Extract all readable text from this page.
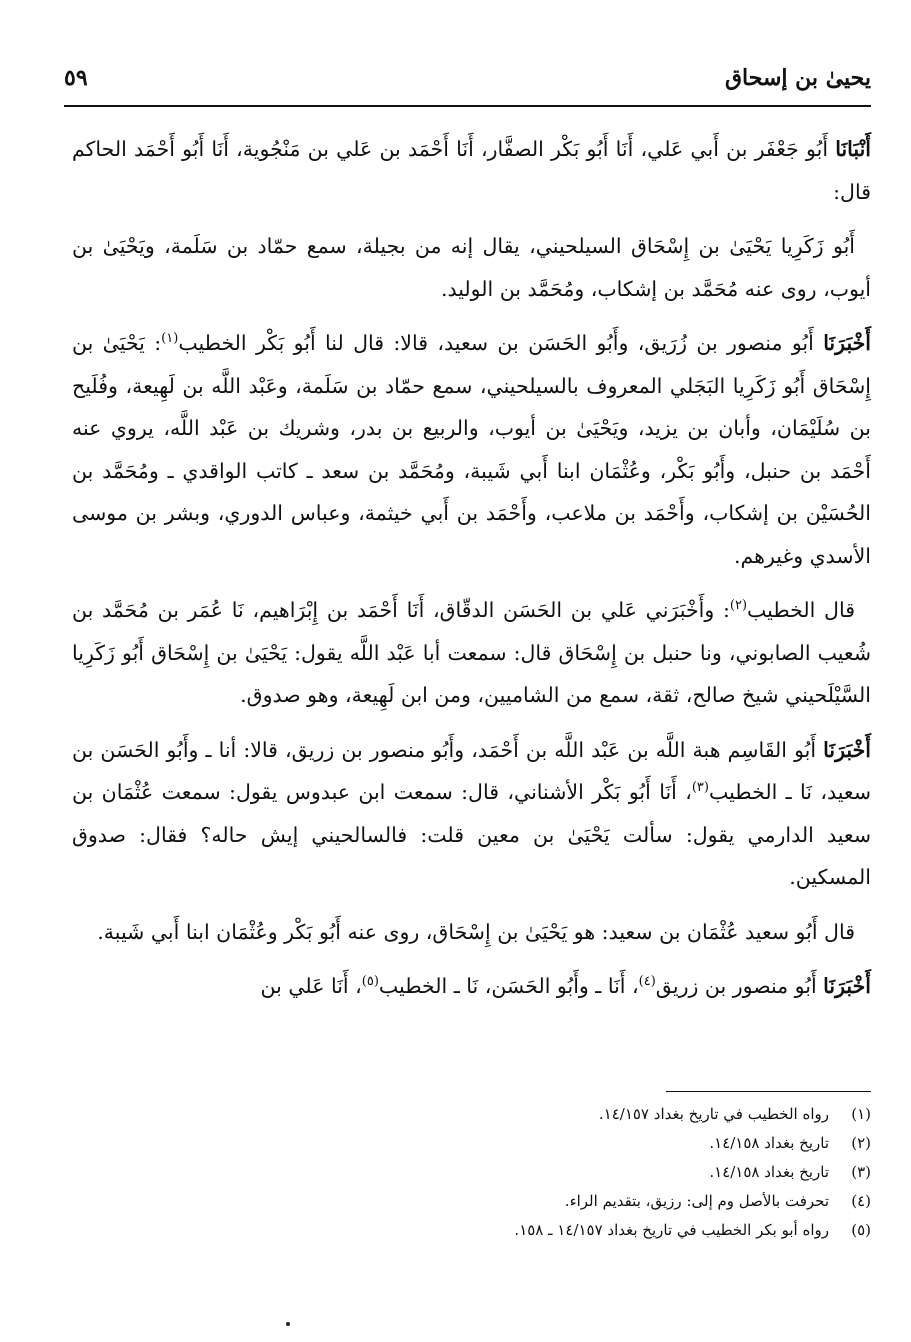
يحيىٰ بن إسحاق
٥٩

أَنْبَانَا أَبُو جَعْفَر بن أَبي عَلي، أَنَا أَبُو بَكْر الصفَّار، أَنَا أَحْمَد بن عَلي بن مَنْجُوية، أَنَا أَبُو أَحْمَد الحاكم قال:

أَبُو زَكَرِيا يَحْيَىٰ بن إِسْحَاق السيلحيني، يقال إنه من بجيلة، سمع حمّاد بن سَلَمة، ويَحْيَىٰ بن أيوب، روى عنه مُحَمَّد بن إشكاب، ومُحَمَّد بن الوليد.

أَخْبَرَنَا أَبُو منصور بن زُرَيق، وأَبُو الحَسَن بن سعيد، قالا: قال لنا أَبُو بَكْر الخطيب$^{(١)}$: يَحْيَىٰ بن إِسْحَاق أَبُو زَكَرِيا البَجَلي المعروف بالسيلحيني، سمع حمّاد بن سَلَمة، وعَبْد اللَّه بن لَهِيعة، وفُلَيح بن سُلَيْمَان، وأبان بن يزيد، ويَحْيَىٰ بن أيوب، والربيع بن بدر، وشريك بن عَبْد اللَّه، يروي عنه أَحْمَد بن حنبل، وأَبُو بَكْر، وعُثْمَان ابنا أَبي شَيبة، ومُحَمَّد بن سعد ـ كاتب الواقدي ـ ومُحَمَّد بن الحُسَيْن بن إشكاب، وأَحْمَد بن ملاعب، وأَحْمَد بن أَبي خيثمة، وعباس الدوري، وبشر بن موسى الأسدي وغيرهم.

قال الخطيب$^{(٢)}$: وأَخْبَرَني عَلي بن الحَسَن الدقّاق، أَنَا أَحْمَد بن إِبْرَاهيم، نَا عُمَر بن مُحَمَّد بن شُعيب الصابوني، ونا حنبل بن إِسْحَاق قال: سمعت أبا عَبْد اللَّه يقول: يَحْيَىٰ بن إِسْحَاق أَبُو زَكَرِيا السَّيْلَحيني شيخ صالح، ثقة، سمع من الشاميين، ومن ابن لَهِيعة، وهو صدوق.

أَخْبَرَنَا أَبُو القَاسِم هبة اللَّه بن عَبْد اللَّه بن أَحْمَد، وأَبُو منصور بن زريق، قالا: أنا ـ وأَبُو الحَسَن بن سعيد، نَا ـ الخطيب$^{(٣)}$، أَنَا أَبُو بَكْر الأشناني، قال: سمعت ابن عبدوس يقول: سمعت عُثْمَان بن سعيد الدارمي يقول: سألت يَحْيَىٰ بن معين قلت: فالسالحيني إيش حاله؟ فقال: صدوق المسكين.

قال أَبُو سعيد عُثْمَان بن سعيد: هو يَحْيَىٰ بن إِسْحَاق، روى عنه أَبُو بَكْر وعُثْمَان ابنا أَبي شَيبة.

أَخْبَرَنَا أَبُو منصور بن زريق$^{(٤)}$، أَنَا ـ وأَبُو الحَسَن، نَا ـ الخطيب$^{(٥)}$، أَنَا عَلي بن

(١)
رواه الخطيب في تاريخ بغداد ١٤/١٥٧.
(٢)
تاريخ بغداد ١٤/١٥٨.
(٣)
تاريخ بغداد ١٤/١٥٨.
(٤)
تحرفت بالأصل وم إلى: رزيق، بتقديم الراء.
(٥)
رواه أبو بكر الخطيب في تاريخ بغداد ١٤/١٥٧ ـ ١٥٨.
